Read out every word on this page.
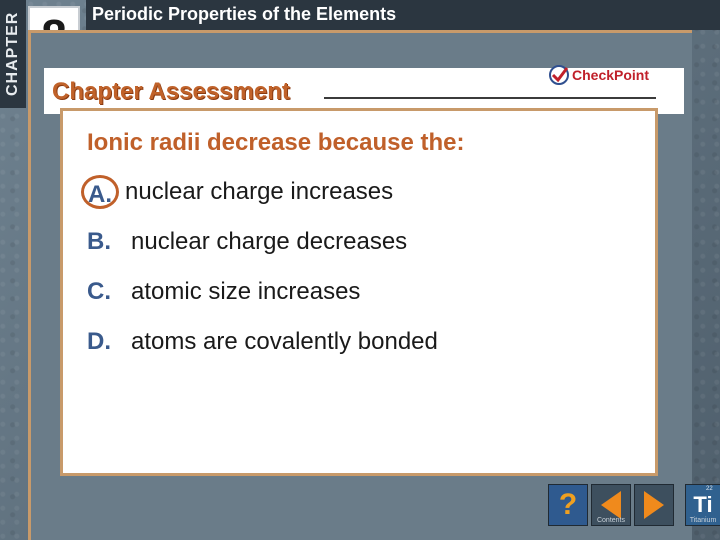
CHAPTER	Periodic Properties of the Elements
Chapter Assessment
CheckPoint
Ionic radii decrease because the:
A. nuclear charge increases
B. nuclear charge decreases
C. atomic size increases
D. atoms are covalently bonded
?	Contents
22
Ti
Titanium
